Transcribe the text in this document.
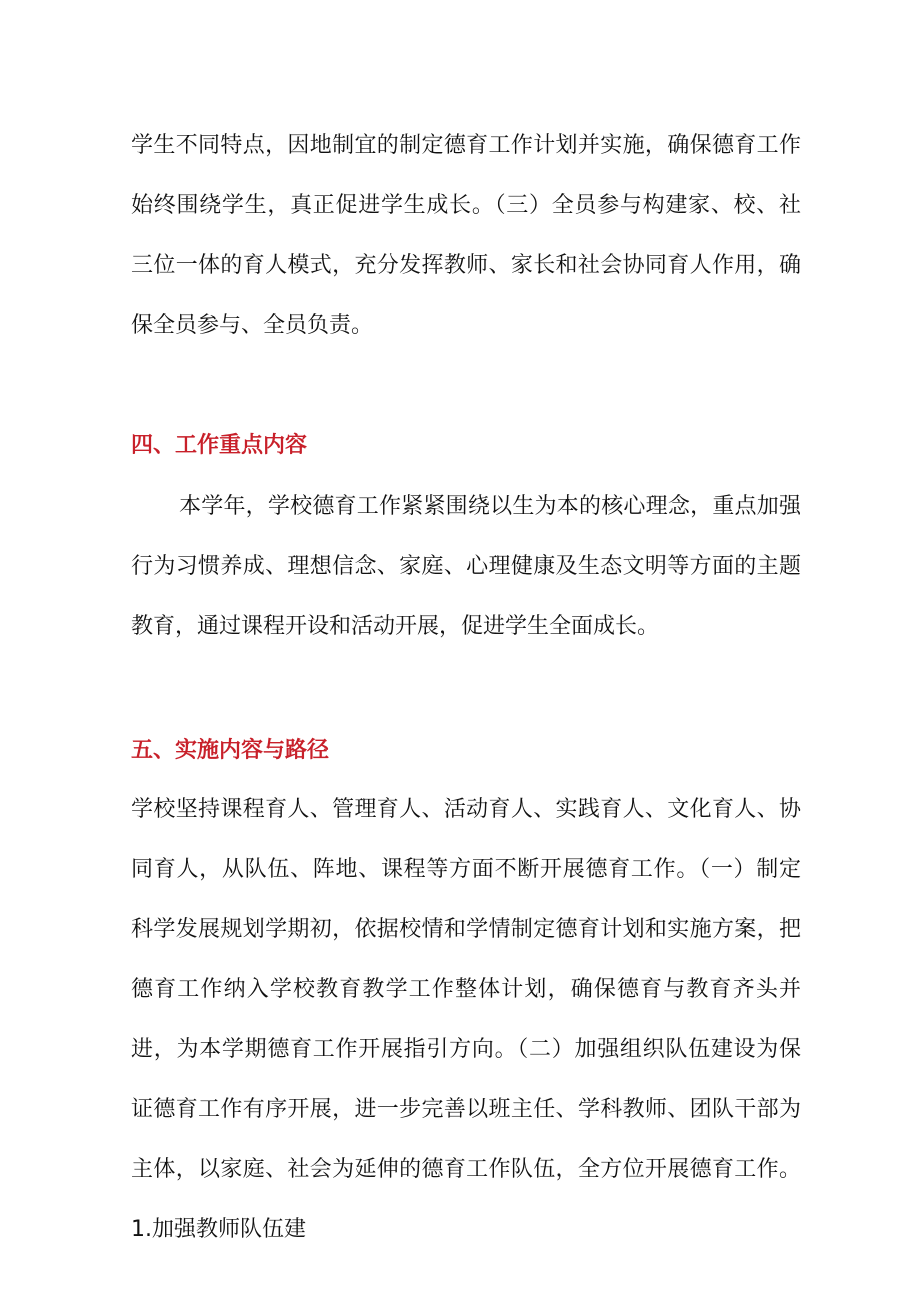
学生不同特点，因地制宜的制定德育工作计划并实施，确保德育工作始终围绕学生，真正促进学生成长。（三）全员参与构建家、校、社三位一体的育人模式，充分发挥教师、家长和社会协同育人作用，确保全员参与、全员负责。

四、工作重点内容

本学年，学校德育工作紧紧围绕以生为本的核心理念，重点加强行为习惯养成、理想信念、家庭、心理健康及生态文明等方面的主题教育，通过课程开设和活动开展，促进学生全面成长。

五、实施内容与路径

学校坚持课程育人、管理育人、活动育人、实践育人、文化育人、协同育人，从队伍、阵地、课程等方面不断开展德育工作。（一）制定科学发展规划学期初，依据校情和学情制定德育计划和实施方案，把德育工作纳入学校教育教学工作整体计划，确保德育与教育齐头并进，为本学期德育工作开展指引方向。（二）加强组织队伍建设为保证德育工作有序开展，进一步完善以班主任、学科教师、团队干部为主体，以家庭、社会为延伸的德育工作队伍，全方位开展德育工作。1.加强教师队伍建
